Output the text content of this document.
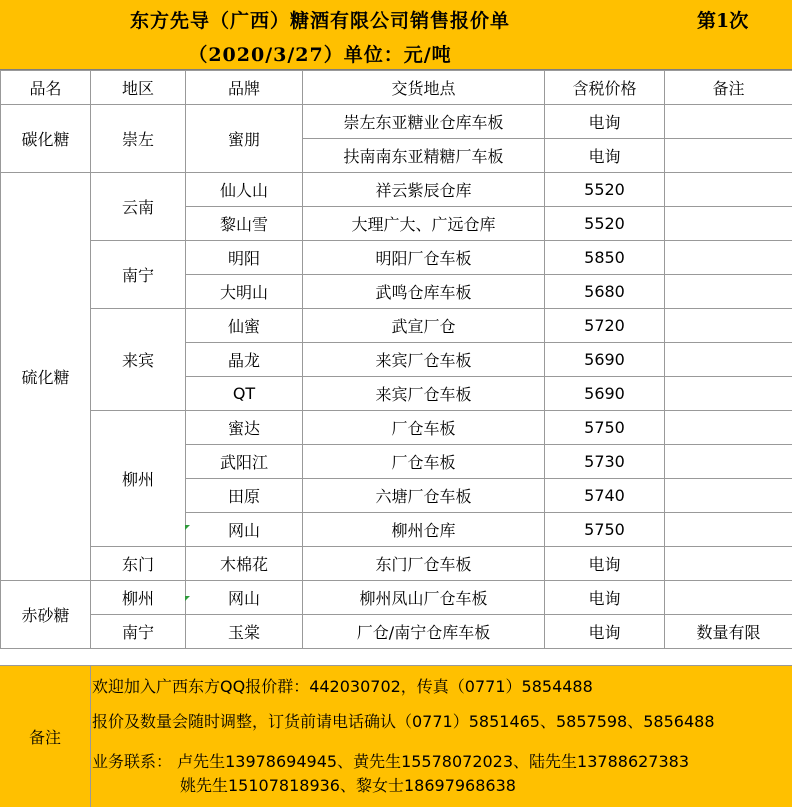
东方先导（广西）糖酒有限公司销售报价单	第1次
（2020/3/27）单位：元/吨
品名	地区	品牌	交货地点	含税价格	备注
碳化糖	崇左	蜜朋	崇左东亚糖业仓库车板	电询	
			扶南南东亚精糖厂车板	电询	
硫化糖	云南	仙人山	祥云紫辰仓库	5520	
		黎山雪	大理广大、广远仓库	5520	
	南宁	明阳	明阳厂仓车板	5850	
		大明山	武鸣仓库车板	5680	
	来宾	仙蜜	武宣厂仓	5720	
		晶龙	来宾厂仓车板	5690	
		QT	来宾厂仓车板	5690	
	柳州	蜜达	厂仓车板	5750	
		武阳江	厂仓车板	5730	
		田原	六塘厂仓车板	5740	
		网山	柳州仓库	5750	
	东门	木棉花	东门厂仓车板	电询	
赤砂糖	柳州	网山	柳州凤山厂仓车板	电询	
	南宁	玉棠	厂仓/南宁仓库车板	电询	数量有限
备注
欢迎加入广西东方QQ报价群：442030702，传真（0771）5854488
报价及数量会随时调整，订货前请电话确认（0771）5851465、5857598、5856488
业务联系： 卢先生13978694945、黄先生15578072023、陆先生13788627383
姚先生15107818936、黎女士18697968638
